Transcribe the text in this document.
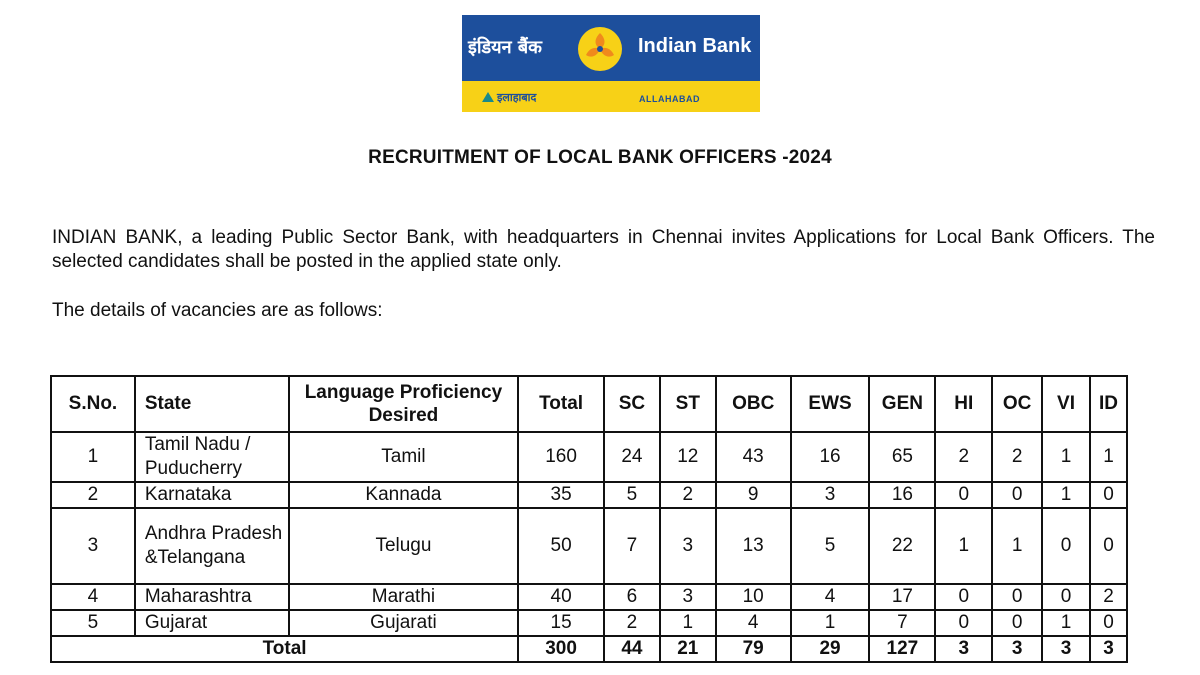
इंडियन बैंक	Indian Bank
इलाहाबाद	ALLAHABAD
RECRUITMENT OF LOCAL BANK OFFICERS -2024
INDIAN BANK, a leading Public Sector Bank, with headquarters in Chennai invites Applications for Local Bank Officers. The selected candidates shall be posted in the applied state only.
The details of vacancies are as follows:
S.No.	State	Language Proficiency Desired	Total	SC	ST	OBC	EWS	GEN	HI	OC	VI	ID
1	Tamil Nadu / Puducherry	Tamil	160	24	12	43	16	65	2	2	1	1
2	Karnataka	Kannada	35	5	2	9	3	16	0	0	1	0
3	Andhra Pradesh &Telangana	Telugu	50	7	3	13	5	22	1	1	0	0
4	Maharashtra	Marathi	40	6	3	10	4	17	0	0	0	2
5	Gujarat	Gujarati	15	2	1	4	1	7	0	0	1	0
Total			300	44	21	79	29	127	3	3	3	3
